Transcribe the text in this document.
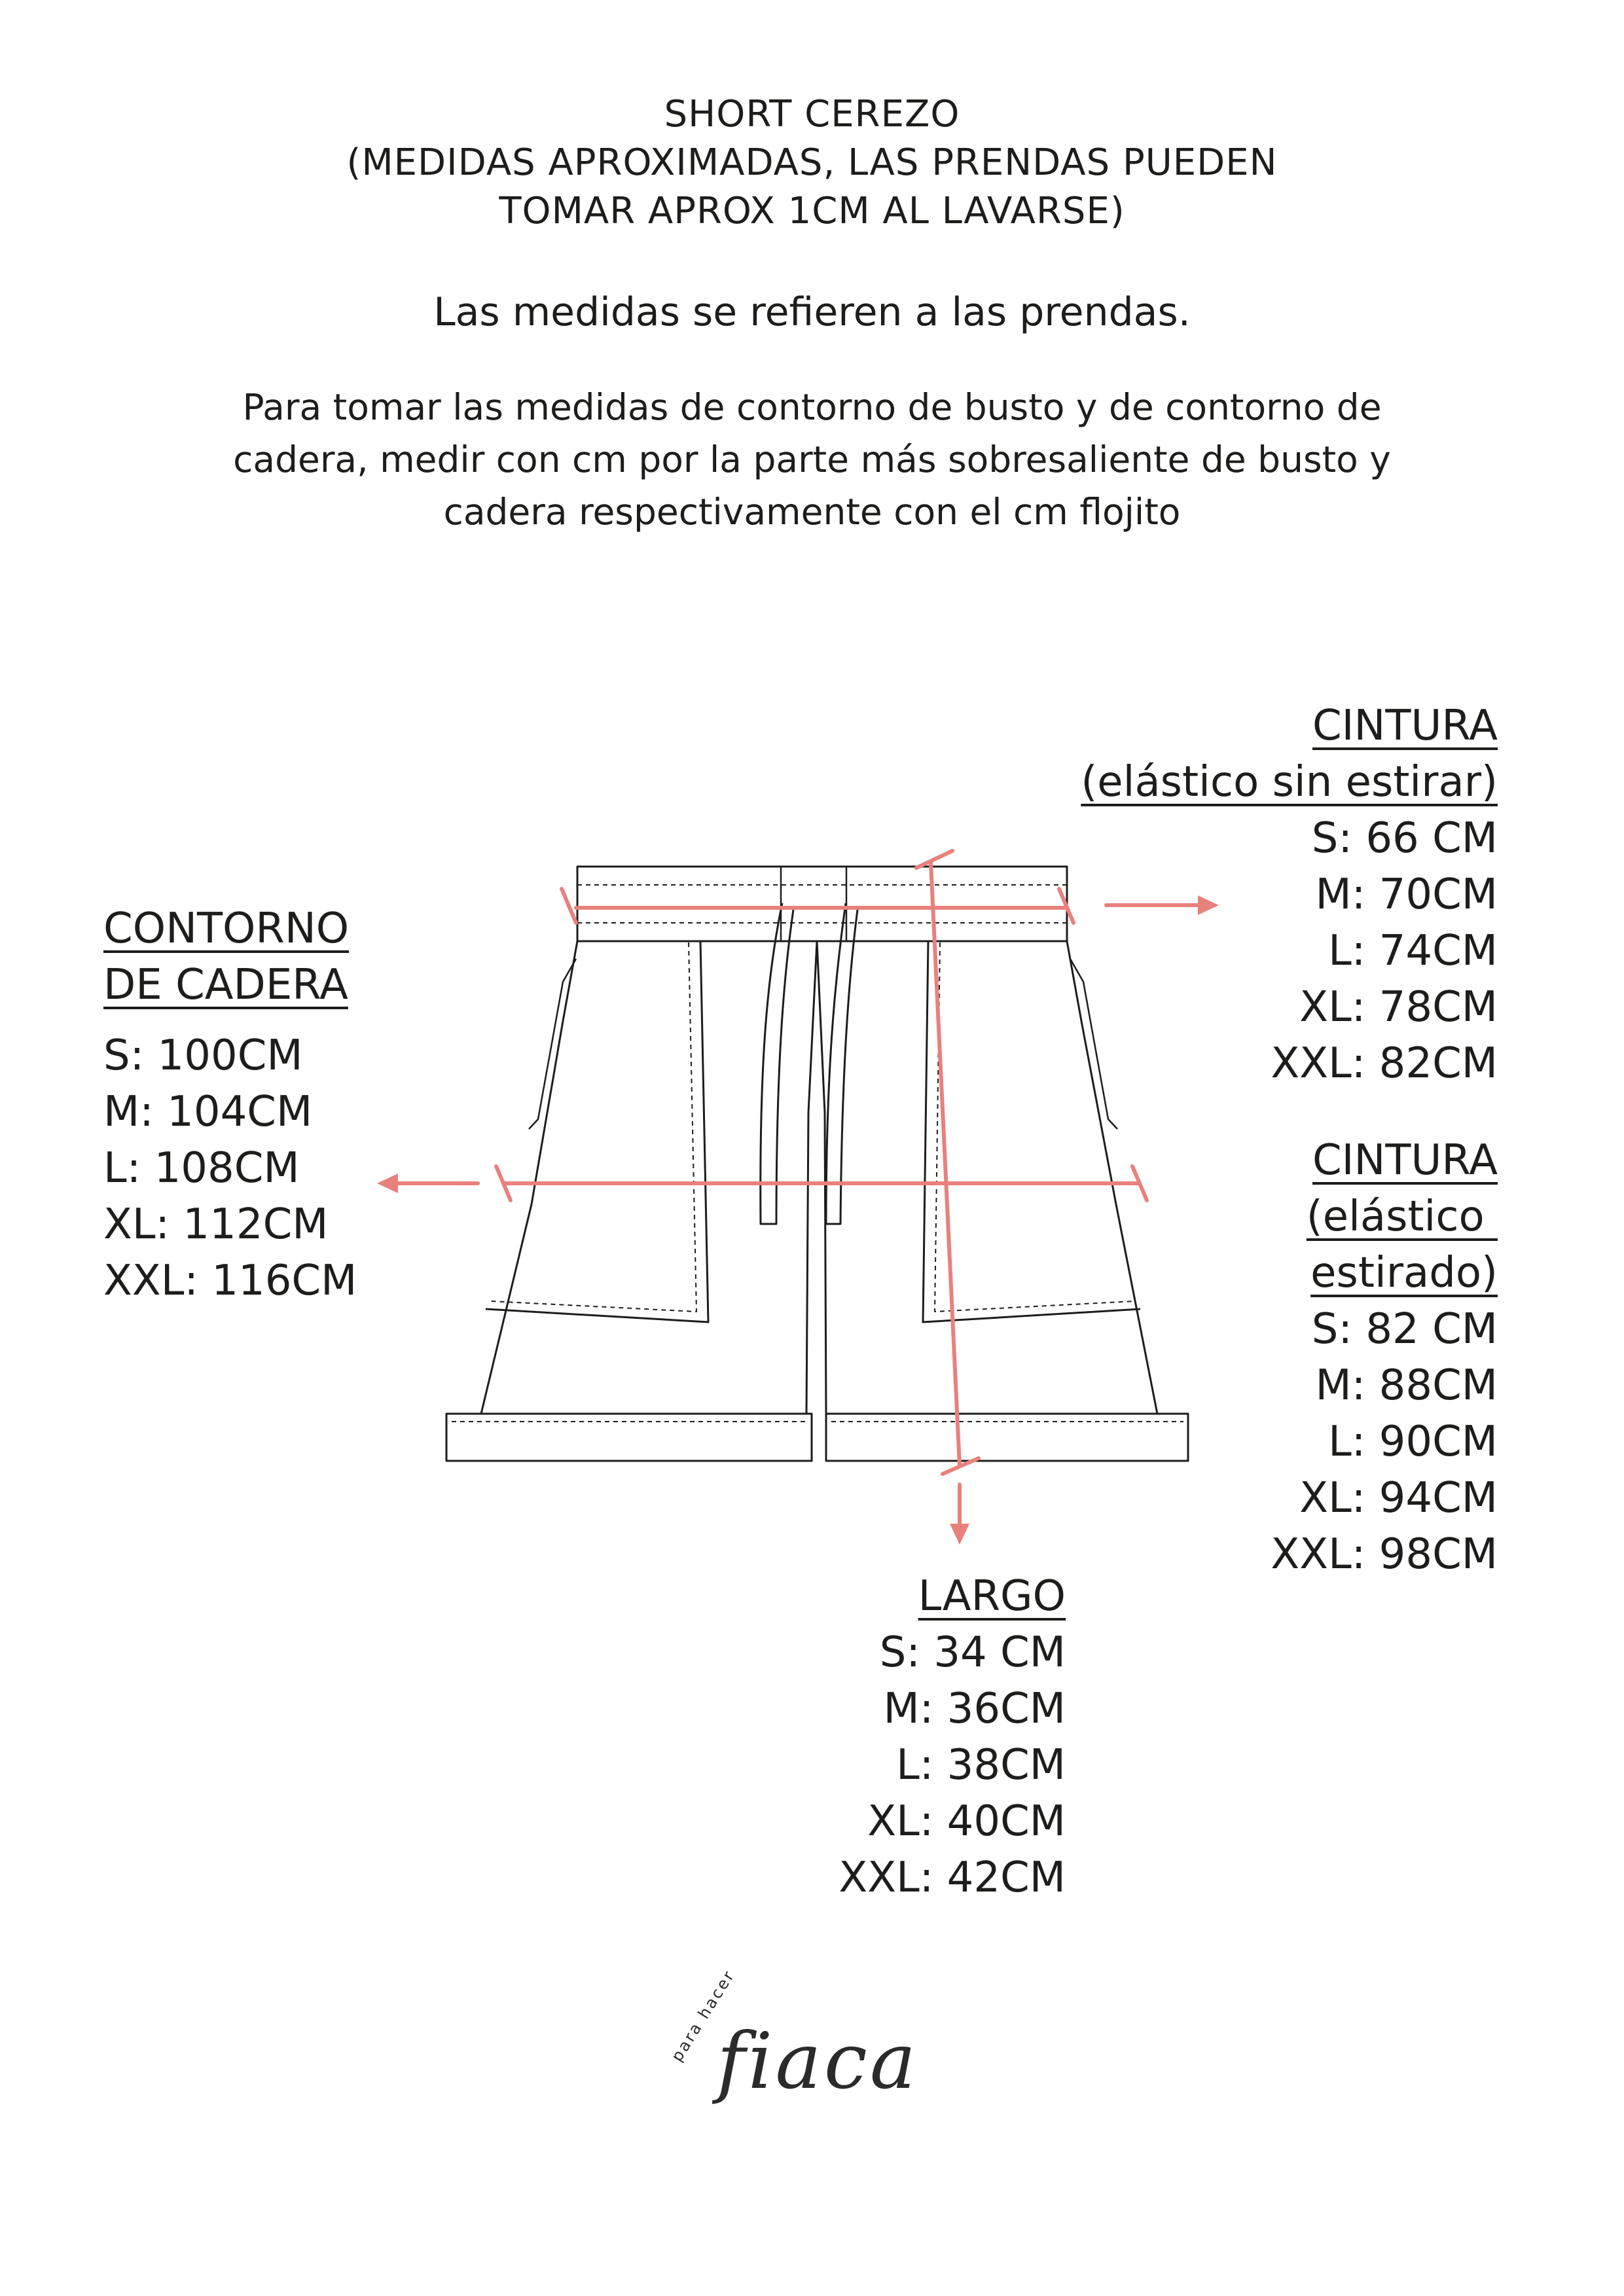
SHORT CEREZO
(MEDIDAS APROXIMADAS, LAS PRENDAS PUEDEN
TOMAR APROX 1CM AL LAVARSE)
Las medidas se refieren a las prendas.
Para tomar las medidas de contorno de busto y de contorno de
cadera, medir con cm por la parte más sobresaliente de busto y
cadera respectivamente con el cm flojito
CONTORNO
DE CADERA
S: 100CM
M: 104CM
L: 108CM
XL: 112CM
XXL: 116CM
CINTURA
(elástico sin estirar)
S: 66 CM
M: 70CM
L: 74CM
XL: 78CM
XXL: 82CM
CINTURA
(elástico
estirado)
S: 82 CM
M: 88CM
L: 90CM
XL: 94CM
XXL: 98CM
LARGO
S: 34 CM
M: 36CM
L: 38CM
XL: 40CM
XXL: 42CM
para hacer
fiaca
